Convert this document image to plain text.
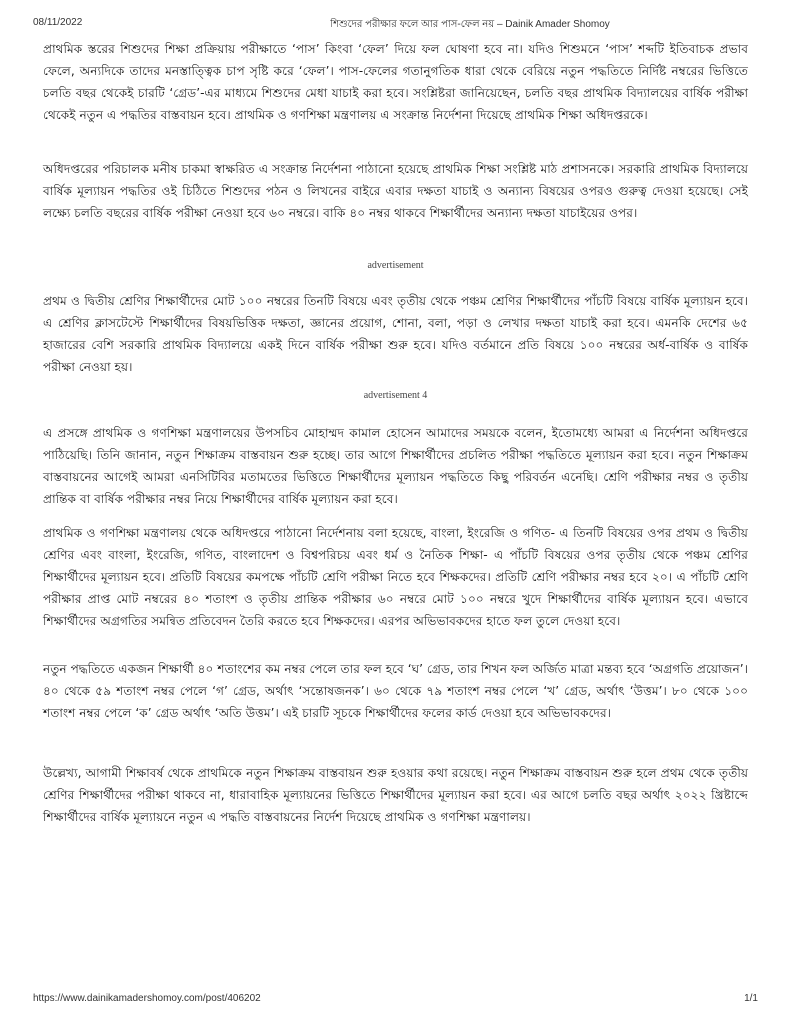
08/11/2022	শিশুদের পরীক্ষার ফলে আর পাস-ফেল নয় – Dainik Amader Shomoy

প্রাথমিক স্তরের শিশুদের শিক্ষা প্রক্রিয়ায় পরীক্ষাতে ‘পাস’ কিংবা ‘ফেল’ দিয়ে ফল ঘোষণা হবে না। যদিও শিশুমনে ‘পাস’ শব্দটি ইতিবাচক প্রভাব ফেলে, অন্যদিকে তাদের মনস্তাত্ত্বিক চাপ সৃষ্টি করে ‘ফেল’। পাস-ফেলের গতানুগতিক ধারা থেকে বেরিয়ে নতুন পদ্ধতিতে নির্দিষ্ট নম্বরের ভিত্তিতে চলতি বছর থেকেই চারটি ‘গ্রেড’-এর মাধ্যমে শিশুদের মেধা যাচাই করা হবে। সংশ্লিষ্টরা জানিয়েছেন, চলতি বছর প্রাথমিক বিদ্যালয়ের বার্ষিক পরীক্ষা থেকেই নতুন এ পদ্ধতির বাস্তবায়ন হবে। প্রাথমিক ও গণশিক্ষা মন্ত্রণালয় এ সংক্রান্ত নির্দেশনা দিয়েছে প্রাথমিক শিক্ষা অধিদপ্তরকে।

অধিদপ্তরের পরিচালক মনীষ চাকমা স্বাক্ষরিত এ সংক্রান্ত নির্দেশনা পাঠানো হয়েছে প্রাথমিক শিক্ষা সংশ্লিষ্ট মাঠ প্রশাসনকে। সরকারি প্রাথমিক বিদ্যালয়ে বার্ষিক মূল্যায়ন পদ্ধতির ওই চিঠিতে শিশুদের পঠন ও লিখনের বাইরে এবার দক্ষতা যাচাই ও অন্যান্য বিষয়ের ওপরও গুরুত্ব দেওয়া হয়েছে। সেই লক্ষ্যে চলতি বছরের বার্ষিক পরীক্ষা নেওয়া হবে ৬০ নম্বরে। বাকি ৪০ নম্বর থাকবে শিক্ষার্থীদের অন্যান্য দক্ষতা যাচাইয়ের ওপর।

advertisement

প্রথম ও দ্বিতীয় শ্রেণির শিক্ষার্থীদের মোট ১০০ নম্বরের তিনটি বিষয়ে এবং তৃতীয় থেকে পঞ্চম শ্রেণির শিক্ষার্থীদের পাঁচটি বিষয়ে বার্ষিক মূল্যায়ন হবে। এ শ্রেণির ক্লাসটেস্টে শিক্ষার্থীদের বিষয়ভিত্তিক দক্ষতা, জ্ঞানের প্রয়োগ, শোনা, বলা, পড়া ও লেখার দক্ষতা যাচাই করা হবে। এমনকি দেশের ৬৫ হাজারের বেশি সরকারি প্রাথমিক বিদ্যালয়ে একই দিনে বার্ষিক পরীক্ষা শুরু হবে। যদিও বর্তমানে প্রতি বিষয়ে ১০০ নম্বরের অর্ধ-বার্ষিক ও বার্ষিক পরীক্ষা নেওয়া হয়।

advertisement 4

এ প্রসঙ্গে প্রাথমিক ও গণশিক্ষা মন্ত্রণালয়ের উপসচিব মোহাম্মদ কামাল হোসেন আমাদের সময়কে বলেন, ইতোমধ্যে আমরা এ নির্দেশনা অধিদপ্তরে পাঠিয়েছি। তিনি জানান, নতুন শিক্ষাক্রম বাস্তবায়ন শুরু হচ্ছে। তার আগে শিক্ষার্থীদের প্রচলিত পরীক্ষা পদ্ধতিতে মূল্যায়ন করা হবে। নতুন শিক্ষাক্রম বাস্তবায়নের আগেই আমরা এনসিটিবির মতামতের ভিত্তিতে শিক্ষার্থীদের মূল্যায়ন পদ্ধতিতে কিছু পরিবর্তন এনেছি। শ্রেণি পরীক্ষার নম্বর ও তৃতীয় প্রান্তিক বা বার্ষিক পরীক্ষার নম্বর নিয়ে শিক্ষার্থীদের বার্ষিক মূল্যায়ন করা হবে।

প্রাথমিক ও গণশিক্ষা মন্ত্রণালয় থেকে অধিদপ্তরে পাঠানো নির্দেশনায় বলা হয়েছে, বাংলা, ইংরেজি ও গণিত- এ তিনটি বিষয়ের ওপর প্রথম ও দ্বিতীয় শ্রেণির এবং বাংলা, ইংরেজি, গণিত, বাংলাদেশ ও বিশ্বপরিচয় এবং ধর্ম ও নৈতিক শিক্ষা- এ পাঁচটি বিষয়ের ওপর তৃতীয় থেকে পঞ্চম শ্রেণির শিক্ষার্থীদের মূল্যায়ন হবে। প্রতিটি বিষয়ের কমপক্ষে পাঁচটি শ্রেণি পরীক্ষা নিতে হবে শিক্ষকদের। প্রতিটি শ্রেণি পরীক্ষার নম্বর হবে ২০। এ পাঁচটি শ্রেণি পরীক্ষার প্রাপ্ত মোট নম্বরের ৪০ শতাংশ ও তৃতীয় প্রান্তিক পরীক্ষার ৬০ নম্বরে মোট ১০০ নম্বরে খুদে শিক্ষার্থীদের বার্ষিক মূল্যায়ন হবে। এভাবে শিক্ষার্থীদের অগ্রগতির সমন্বিত প্রতিবেদন তৈরি করতে হবে শিক্ষকদের। এরপর অভিভাবকদের হাতে ফল তুলে দেওয়া হবে।

নতুন পদ্ধতিতে একজন শিক্ষার্থী ৪০ শতাংশের কম নম্বর পেলে তার ফল হবে ‘ঘ’ গ্রেড, তার শিখন ফল অর্জিত মাত্রা মন্তব্য হবে ‘অগ্রগতি প্রয়োজন’। ৪০ থেকে ৫৯ শতাংশ নম্বর পেলে ‘গ’ গ্রেড, অর্থাৎ ‘সন্তোষজনক’। ৬০ থেকে ৭৯ শতাংশ নম্বর পেলে ‘খ’ গ্রেড, অর্থাৎ ‘উত্তম’। ৮০ থেকে ১০০ শতাংশ নম্বর পেলে ‘ক’ গ্রেড অর্থাৎ ‘অতি উত্তম’। এই চারটি সূচকে শিক্ষার্থীদের ফলের কার্ড দেওয়া হবে অভিভাবকদের।

উল্লেখ্য, আগামী শিক্ষাবর্ষ থেকে প্রাথমিকে নতুন শিক্ষাক্রম বাস্তবায়ন শুরু হওয়ার কথা রয়েছে। নতুন শিক্ষাক্রম বাস্তবায়ন শুরু হলে প্রথম থেকে তৃতীয় শ্রেণির শিক্ষার্থীদের পরীক্ষা থাকবে না, ধারাবাহিক মূল্যায়নের ভিত্তিতে শিক্ষার্থীদের মূল্যায়ন করা হবে। এর আগে চলতি বছর অর্থাৎ ২০২২ খ্রিষ্টাব্দে শিক্ষার্থীদের বার্ষিক মূল্যায়নে নতুন এ পদ্ধতি বাস্তবায়নের নির্দেশ দিয়েছে প্রাথমিক ও গণশিক্ষা মন্ত্রণালয়।

https://www.dainikamadershomoy.com/post/406202	1/1
